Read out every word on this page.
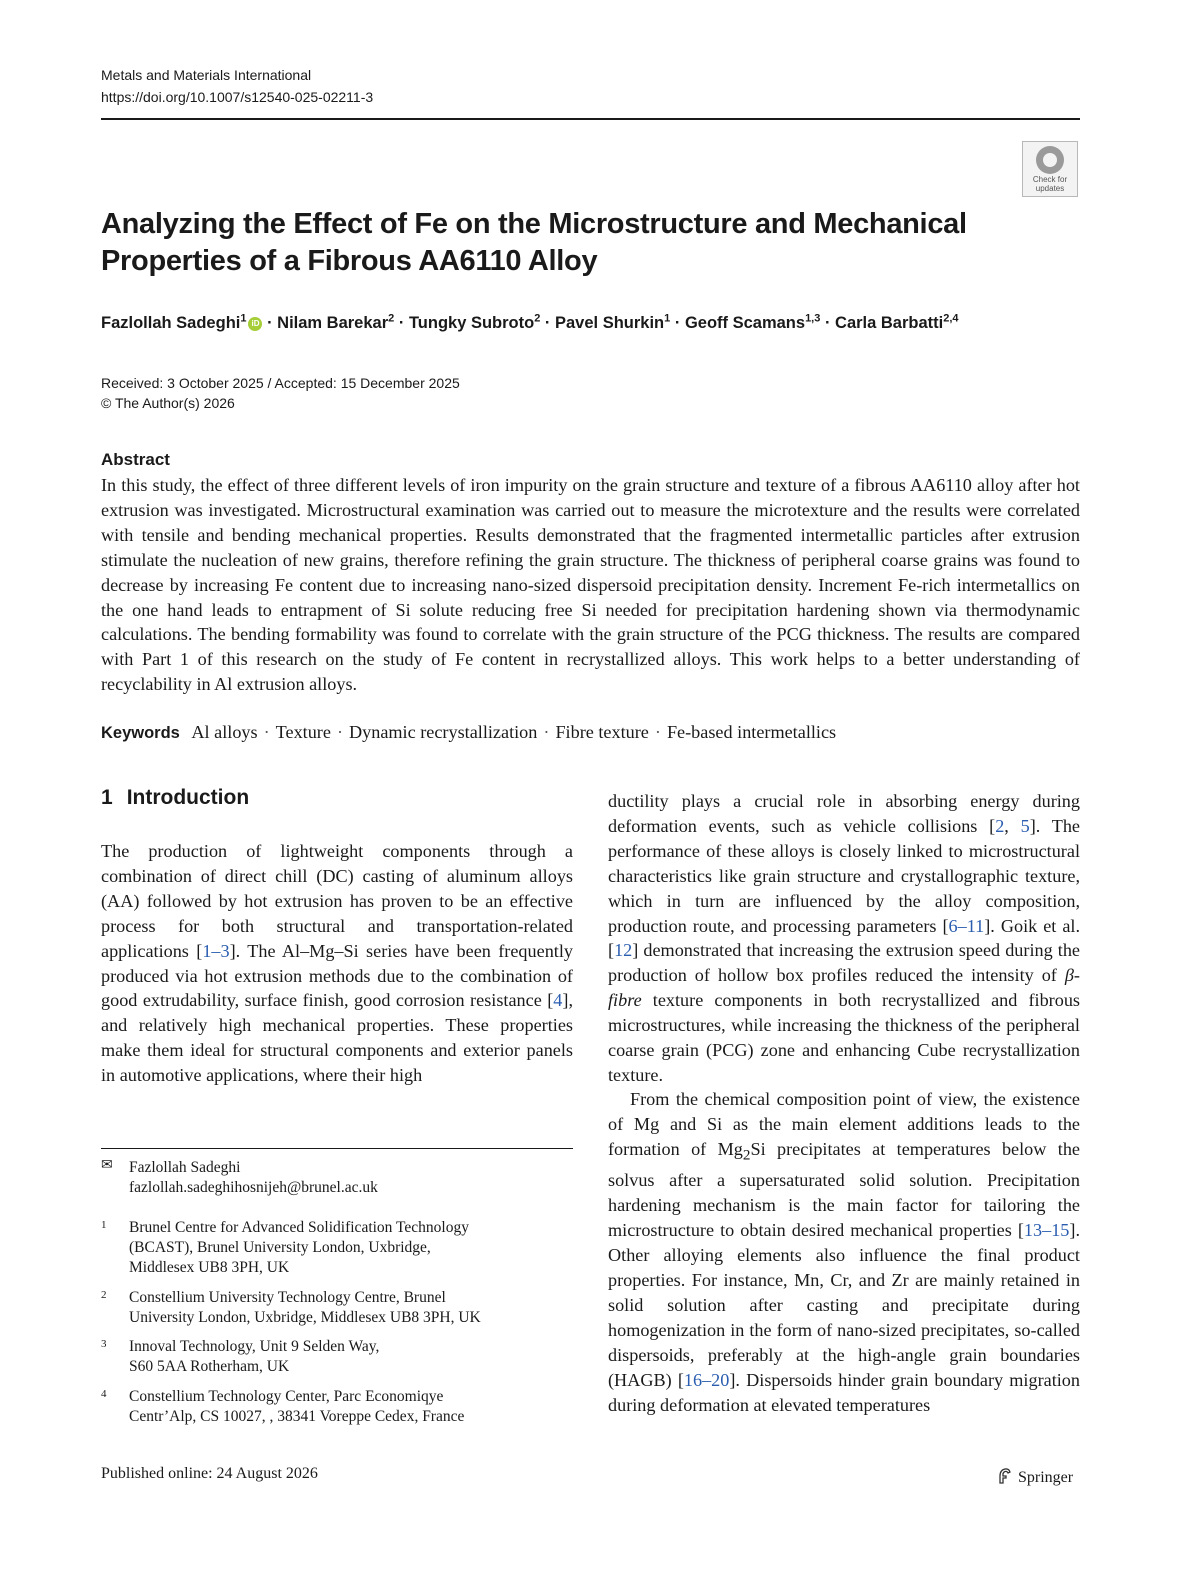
Metals and Materials International
https://doi.org/10.1007/s12540-025-02211-3
Check for
updates
Analyzing the Effect of Fe on the Microstructure and Mechanical Properties of a Fibrous AA6110 Alloy
Fazlollah Sadeghi$^1$ iD · Nilam Barekar$^2$ · Tungky Subroto$^2$ · Pavel Shurkin$^1$ · Geoff Scamans$^{1,3}$ · Carla Barbatti$^{2,4}$
Received: 3 October 2025 / Accepted: 15 December 2025
© The Author(s) 2026
Abstract

In this study, the effect of three different levels of iron impurity on the grain structure and texture of a fibrous AA6110 alloy after hot extrusion was investigated. Microstructural examination was carried out to measure the microtexture and the results were correlated with tensile and bending mechanical properties. Results demonstrated that the fragmented intermetallic particles after extrusion stimulate the nucleation of new grains, therefore refining the grain structure. The thickness of peripheral coarse grains was found to decrease by increasing Fe content due to increasing nano-sized dispersoid precipitation density. Increment Fe-rich intermetallics on the one hand leads to entrapment of Si solute reducing free Si needed for precipitation hardening shown via thermodynamic calculations. The bending formability was found to correlate with the grain structure of the PCG thickness. The results are compared with Part 1 of this research on the study of Fe content in recrystallized alloys. This work helps to a better understanding of recyclability in Al extrusion alloys.

Keywords Al alloys · Texture · Dynamic recrystallization · Fibre texture · Fe-based intermetallics
1 Introduction

The production of lightweight components through a combination of direct chill (DC) casting of aluminum alloys (AA) followed by hot extrusion has proven to be an effective process for both structural and transportation-related applications [1–3]. The Al–Mg–Si series have been frequently produced via hot extrusion methods due to the combination of good extrudability, surface finish, good corrosion resistance [4], and relatively high mechanical properties. These properties make them ideal for structural components and exterior panels in automotive applications, where their high

ductility plays a crucial role in absorbing energy during deformation events, such as vehicle collisions [2, 5]. The performance of these alloys is closely linked to microstructural characteristics like grain structure and crystallographic texture, which in turn are influenced by the alloy composition, production route, and processing parameters [6–11]. Goik et al. [12] demonstrated that increasing the extrusion speed during the production of hollow box profiles reduced the intensity of β-fibre texture components in both recrystallized and fibrous microstructures, while increasing the thickness of the peripheral coarse grain (PCG) zone and enhancing Cube recrystallization texture.

From the chemical composition point of view, the existence of Mg and Si as the main element additions leads to the formation of $Mg_2Si$ precipitates at temperatures below the solvus after a supersaturated solid solution. Precipitation hardening mechanism is the main factor for tailoring the microstructure to obtain desired mechanical properties [13–15]. Other alloying elements also influence the final product properties. For instance, Mn, Cr, and Zr are mainly retained in solid solution after casting and precipitate during homogenization in the form of nano-sized precipitates, so-called dispersoids, preferably at the high-angle grain boundaries (HAGB) [16–20]. Dispersoids hinder grain boundary migration during deformation at elevated temperatures

✉ Fazlollah Sadeghi
fazlollah.sadeghihosnijeh@brunel.ac.uk
1 Brunel Centre for Advanced Solidification Technology
(BCAST), Brunel University London, Uxbridge,
Middlesex UB8 3PH, UK
2 Constellium University Technology Centre, Brunel
University London, Uxbridge, Middlesex UB8 3PH, UK
3 Innoval Technology, Unit 9 Selden Way,
S60 5AA Rotherham, UK
4 Constellium Technology Center, Parc Economiqye
Centr’Alp, CS 10027, , 38341 Voreppe Cedex, France
Published online: 24 August 2026	Springer
